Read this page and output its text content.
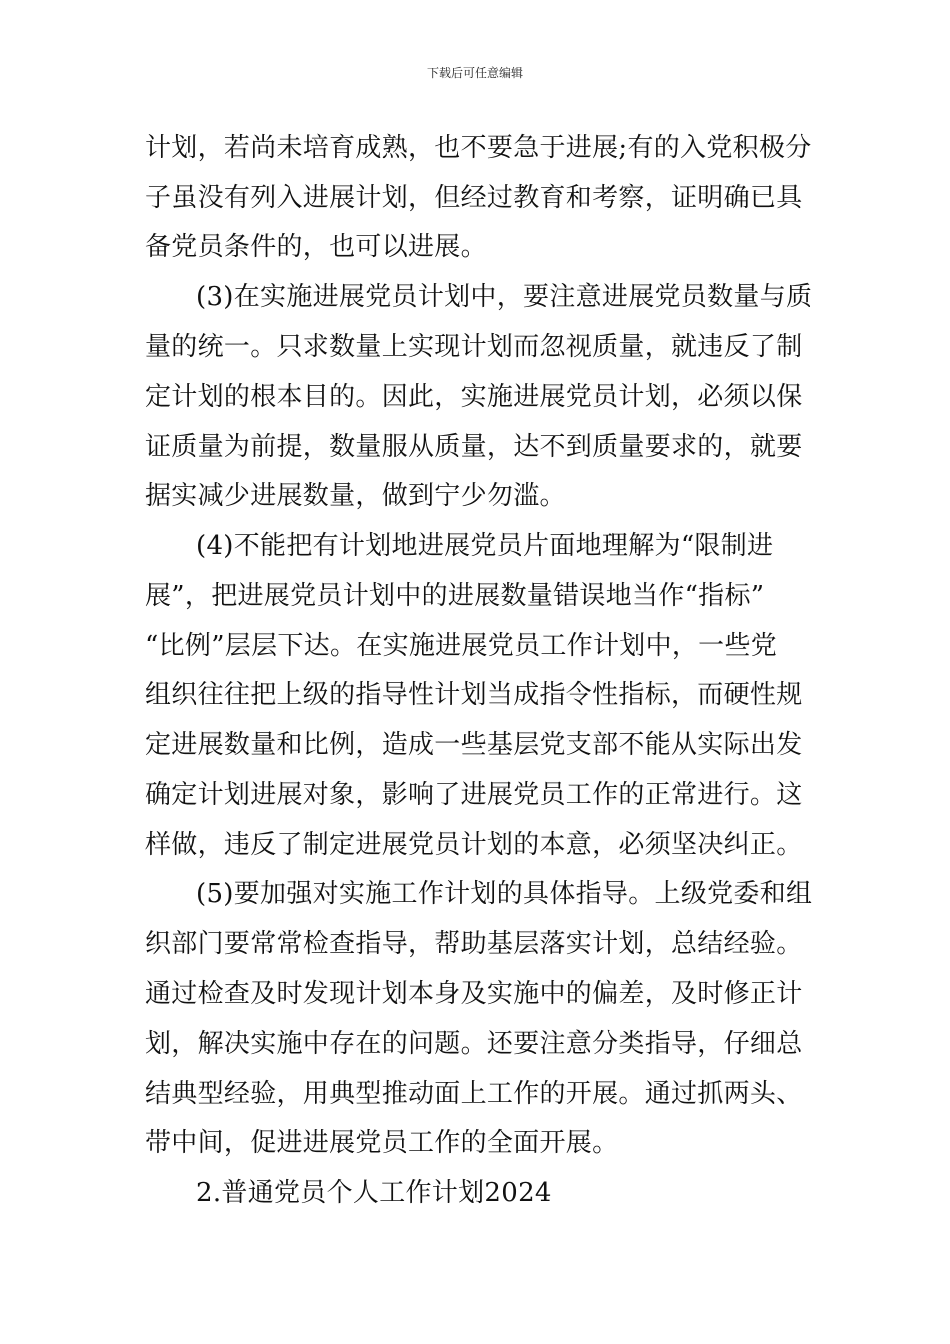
下载后可任意编辑
计划，若尚未培育成熟，也不要急于进展;有的入党积极分
子虽没有列入进展计划，但经过教育和考察，证明确已具
备党员条件的，也可以进展。
(3)在实施进展党员计划中，要注意进展党员数量与质
量的统一。只求数量上实现计划而忽视质量，就违反了制
定计划的根本目的。因此，实施进展党员计划，必须以保
证质量为前提，数量服从质量，达不到质量要求的，就要
据实减少进展数量，做到宁少勿滥。
(4)不能把有计划地进展党员片面地理解为“限制进
展”，把进展党员计划中的进展数量错误地当作“指标”
“比例”层层下达。在实施进展党员工作计划中，一些党
组织往往把上级的指导性计划当成指令性指标，而硬性规
定进展数量和比例，造成一些基层党支部不能从实际出发
确定计划进展对象，影响了进展党员工作的正常进行。这
样做，违反了制定进展党员计划的本意，必须坚决纠正。
(5)要加强对实施工作计划的具体指导。上级党委和组
织部门要常常检查指导，帮助基层落实计划，总结经验。
通过检查及时发现计划本身及实施中的偏差，及时修正计
划，解决实施中存在的问题。还要注意分类指导，仔细总
结典型经验，用典型推动面上工作的开展。通过抓两头、
带中间，促进进展党员工作的全面开展。
2.普通党员个人工作计划2024
